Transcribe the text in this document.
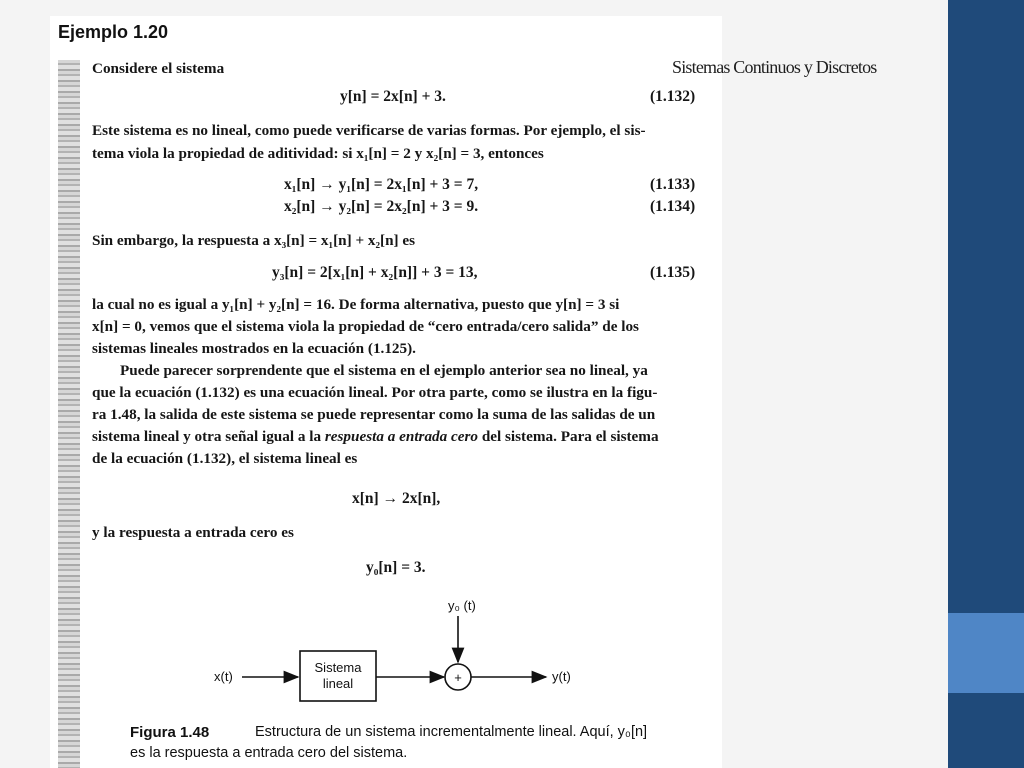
Ejemplo 1.20
Considere el sistema
y[n] = 2x[n] + 3.	(1.132)
Este sistema es no lineal, como puede verificarse de varias formas. Por ejemplo, el sis-
tema viola la propiedad de aditividad: si x₁[n] = 2 y x₂[n] = 3, entonces
x₁[n] → y₁[n] = 2x₁[n] + 3 = 7,	(1.133)
x₂[n] → y₂[n] = 2x₂[n] + 3 = 9.	(1.134)
Sin embargo, la respuesta a x₃[n] = x₁[n] + x₂[n] es
y₃[n] = 2[x₁[n] + x₂[n]] + 3 = 13,	(1.135)
la cual no es igual a y₁[n] + y₂[n] = 16. De forma alternativa, puesto que y[n] = 3 si
x[n] = 0, vemos que el sistema viola la propiedad de “cero entrada/cero salida” de los
sistemas lineales mostrados en la ecuación (1.125).
Puede parecer sorprendente que el sistema en el ejemplo anterior sea no lineal, ya
que la ecuación (1.132) es una ecuación lineal. Por otra parte, como se ilustra en la figu-
ra 1.48, la salida de este sistema se puede representar como la suma de las salidas de un
sistema lineal y otra señal igual a la respuesta a entrada cero del sistema. Para el sistema
de la ecuación (1.132), el sistema lineal es
x[n] → 2x[n],
y la respuesta a entrada cero es
y₀[n] = 3.
x(t)
Sistema
lineal	+
y₀ (t)
y(t)
Figura 1.48	Estructura de un sistema incrementalmente lineal. Aquí, y₀[n]
es la respuesta a entrada cero del sistema.
Sistemas Continuos y Discretos
